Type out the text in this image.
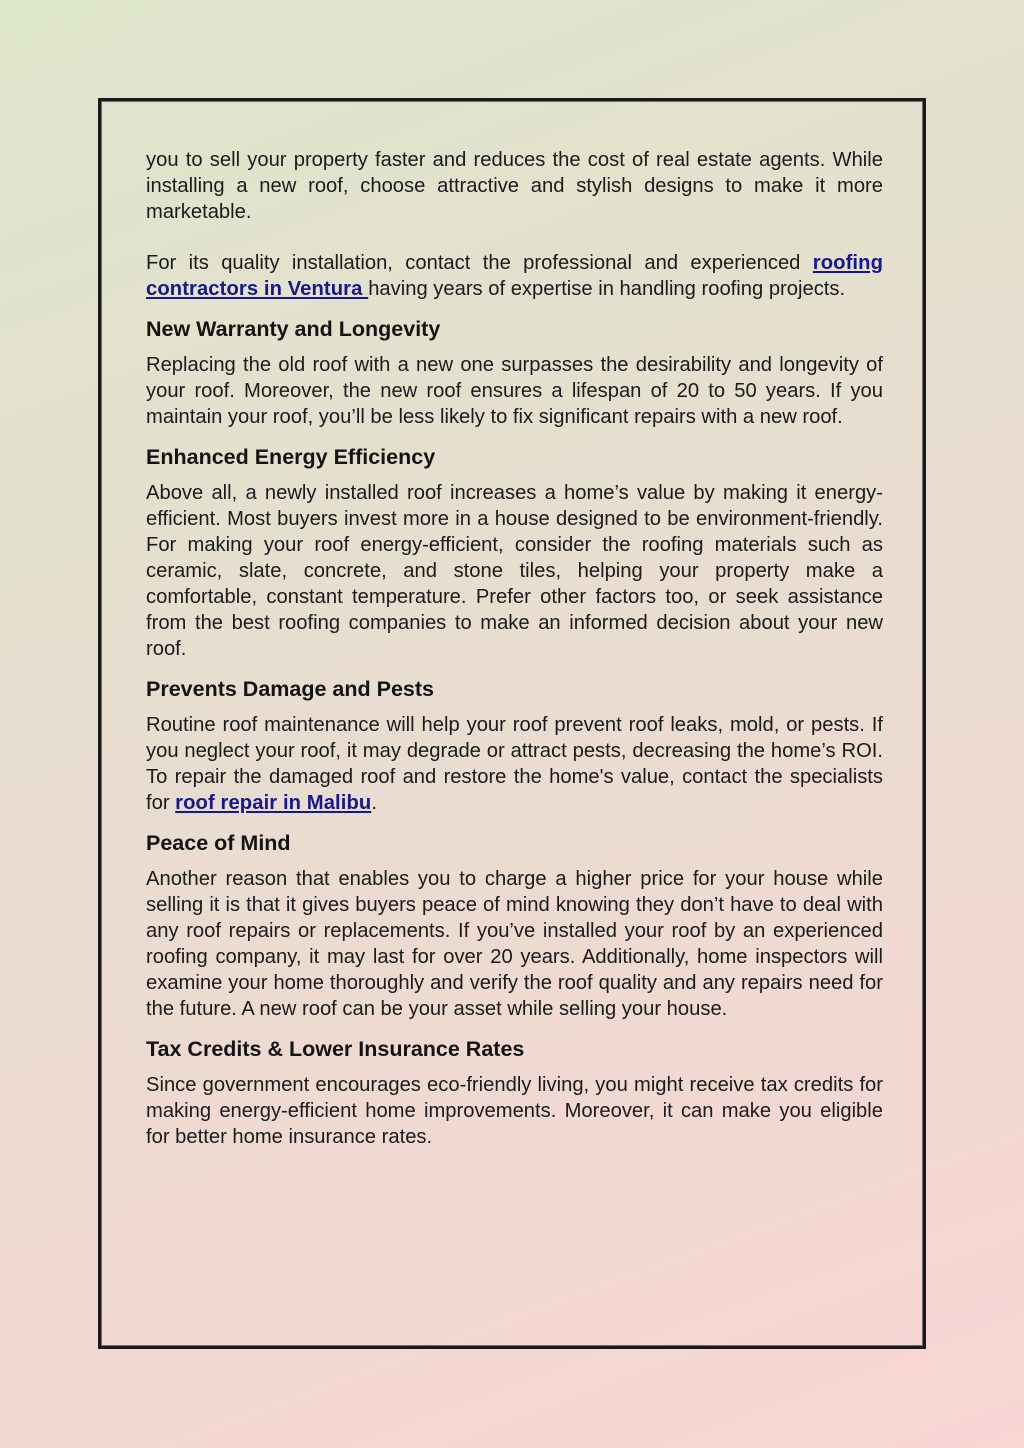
you to sell your property faster and reduces the cost of real estate agents. While installing a new roof, choose attractive and stylish designs to make it more marketable.

For its quality installation, contact the professional and experienced roofing contractors in Ventura having years of expertise in handling roofing projects.

New Warranty and Longevity

Replacing the old roof with a new one surpasses the desirability and longevity of your roof. Moreover, the new roof ensures a lifespan of 20 to 50 years. If you maintain your roof, you’ll be less likely to fix significant repairs with a new roof.

Enhanced Energy Efficiency

Above all, a newly installed roof increases a home’s value by making it energy-efficient. Most buyers invest more in a house designed to be environment-friendly. For making your roof energy-efficient, consider the roofing materials such as ceramic, slate, concrete, and stone tiles, helping your property make a comfortable, constant temperature. Prefer other factors too, or seek assistance from the best roofing companies to make an informed decision about your new roof.

Prevents Damage and Pests

Routine roof maintenance will help your roof prevent roof leaks, mold, or pests. If you neglect your roof, it may degrade or attract pests, decreasing the home’s ROI. To repair the damaged roof and restore the home's value, contact the specialists for roof repair in Malibu.

Peace of Mind

Another reason that enables you to charge a higher price for your house while selling it is that it gives buyers peace of mind knowing they don’t have to deal with any roof repairs or replacements. If you’ve installed your roof by an experienced roofing company, it may last for over 20 years. Additionally, home inspectors will examine your home thoroughly and verify the roof quality and any repairs need for the future. A new roof can be your asset while selling your house.

Tax Credits & Lower Insurance Rates

Since government encourages eco-friendly living, you might receive tax credits for making energy-efficient home improvements. Moreover, it can make you eligible for better home insurance rates.
